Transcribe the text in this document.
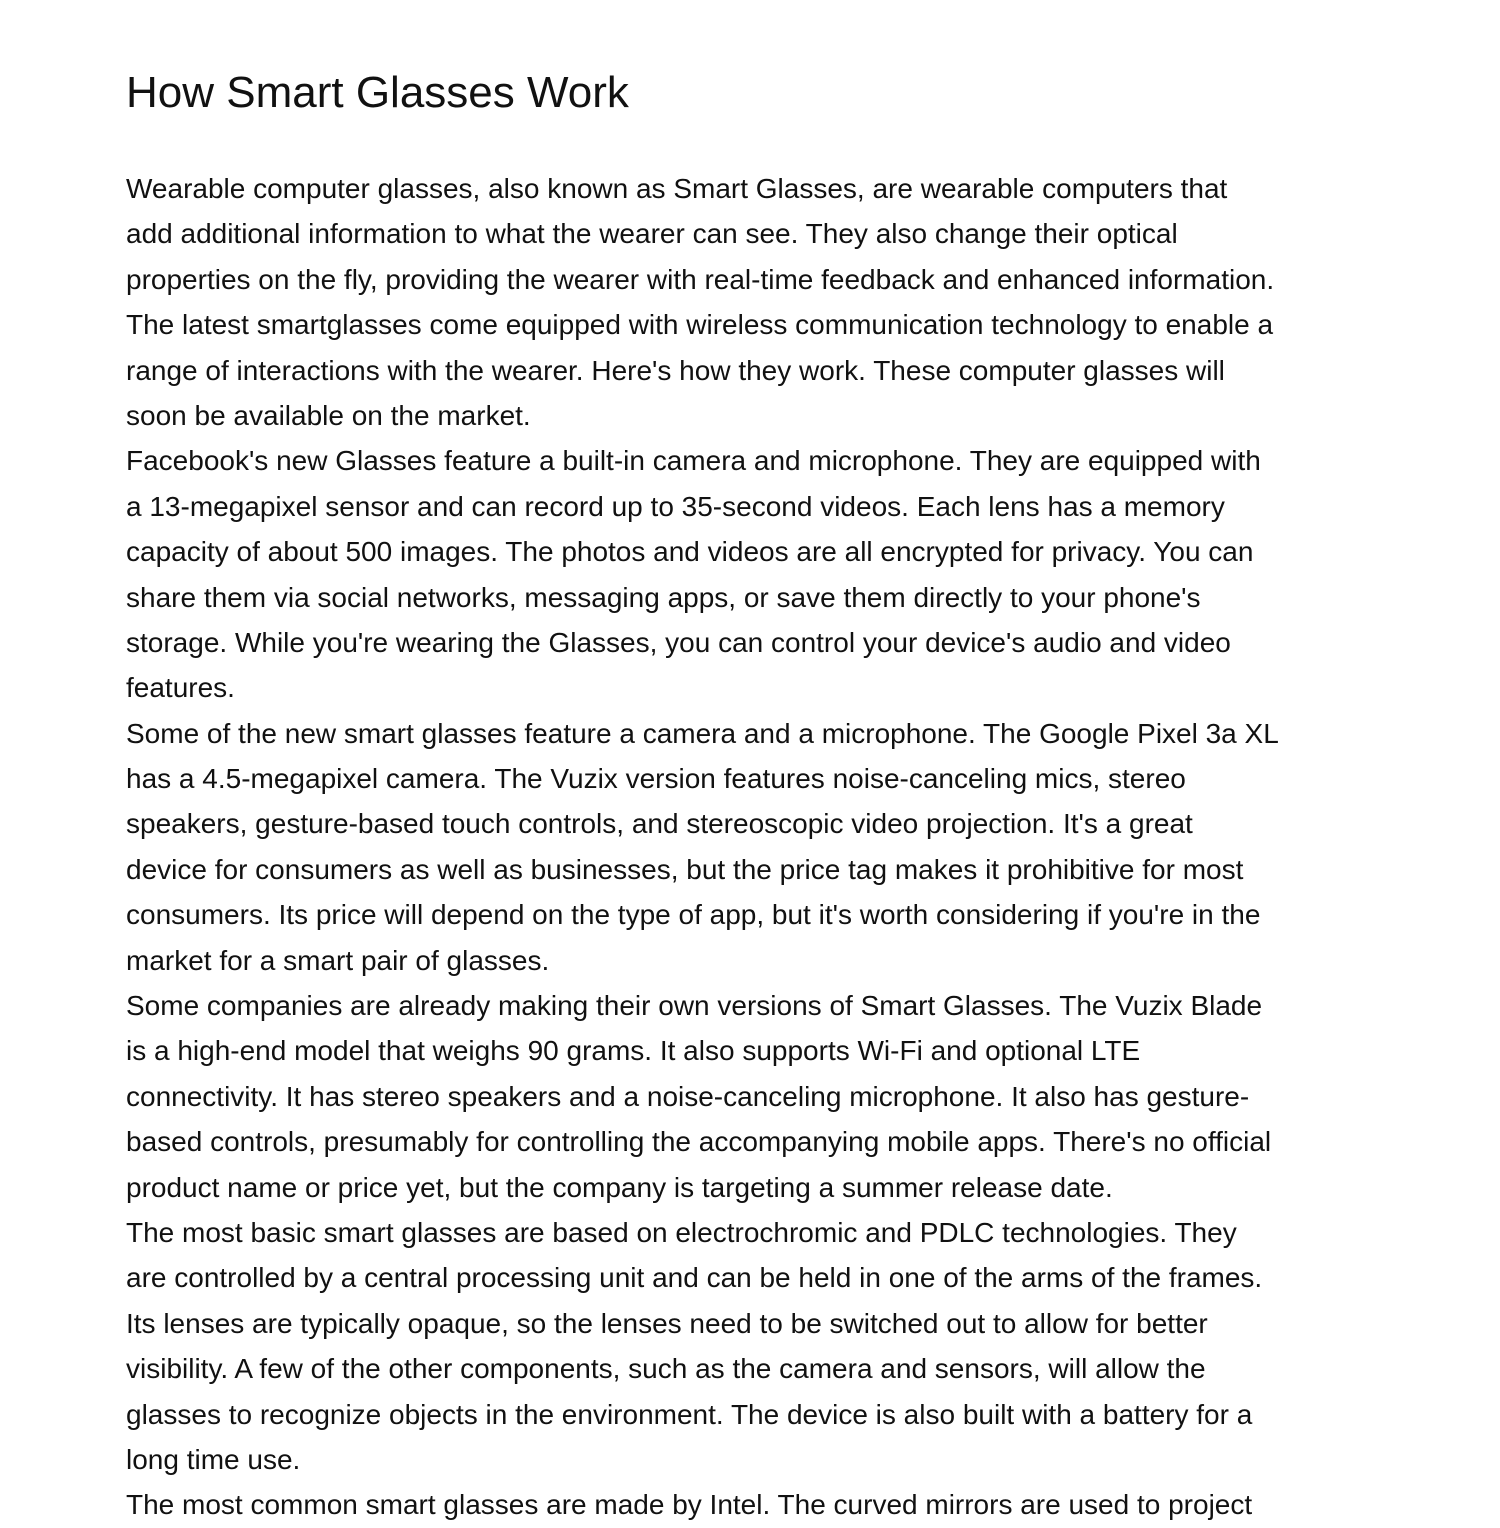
How Smart Glasses Work

Wearable computer glasses, also known as Smart Glasses, are wearable computers that
add additional information to what the wearer can see. They also change their optical
properties on the fly, providing the wearer with real-time feedback and enhanced information.
The latest smartglasses come equipped with wireless communication technology to enable a
range of interactions with the wearer. Here's how they work. These computer glasses will
soon be available on the market.

Facebook's new Glasses feature a built-in camera and microphone. They are equipped with
a 13-megapixel sensor and can record up to 35-second videos. Each lens has a memory
capacity of about 500 images. The photos and videos are all encrypted for privacy. You can
share them via social networks, messaging apps, or save them directly to your phone's
storage. While you're wearing the Glasses, you can control your device's audio and video
features.

Some of the new smart glasses feature a camera and a microphone. The Google Pixel 3a XL
has a 4.5-megapixel camera. The Vuzix version features noise-canceling mics, stereo
speakers, gesture-based touch controls, and stereoscopic video projection. It's a great
device for consumers as well as businesses, but the price tag makes it prohibitive for most
consumers. Its price will depend on the type of app, but it's worth considering if you're in the
market for a smart pair of glasses.

Some companies are already making their own versions of Smart Glasses. The Vuzix Blade
is a high-end model that weighs 90 grams. It also supports Wi-Fi and optional LTE
connectivity. It has stereo speakers and a noise-canceling microphone. It also has gesture-
based controls, presumably for controlling the accompanying mobile apps. There's no official
product name or price yet, but the company is targeting a summer release date.

The most basic smart glasses are based on electrochromic and PDLC technologies. They
are controlled by a central processing unit and can be held in one of the arms of the frames.
Its lenses are typically opaque, so the lenses need to be switched out to allow for better
visibility. A few of the other components, such as the camera and sensors, will allow the
glasses to recognize objects in the environment. The device is also built with a battery for a
long time use.

The most common smart glasses are made by Intel. The curved mirrors are used to project
